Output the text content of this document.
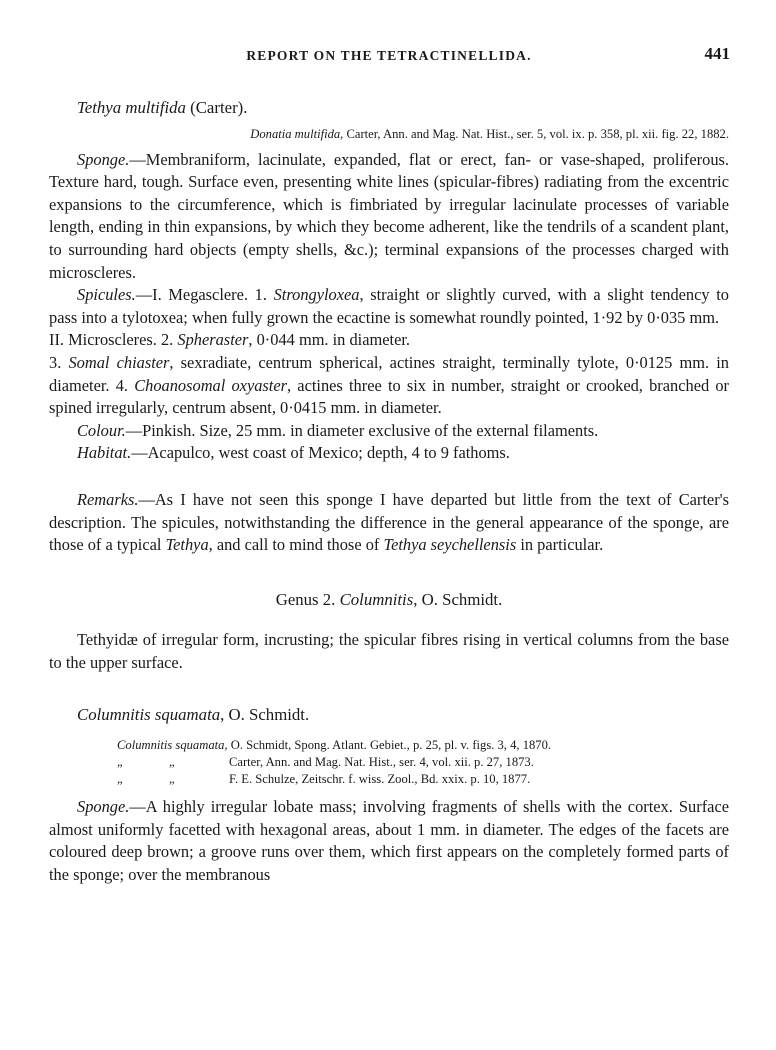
REPORT ON THE TETRACTINELLIDA.	441

Tethya multifida (Carter).

Donatia multifida, Carter, Ann. and Mag. Nat. Hist., ser. 5, vol. ix. p. 358, pl. xii. fig. 22, 1882.

Sponge.—Membraniform, lacinulate, expanded, flat or erect, fan- or vase-shaped, proliferous. Texture hard, tough. Surface even, presenting white lines (spicular-fibres) radiating from the excentric expansions to the circumference, which is fimbriated by irregular lacinulate processes of variable length, ending in thin expansions, by which they become adherent, like the tendrils of a scandent plant, to surrounding hard objects (empty shells, &c.); terminal expansions of the processes charged with microscleres.

Spicules.—I. Megasclere. 1. Strongyloxea, straight or slightly curved, with a slight tendency to pass into a tylotoxea; when fully grown the ecactine is somewhat roundly pointed, 1·92 by 0·035 mm.

II. Microscleres. 2. Spheraster, 0·044 mm. in diameter.

3. Somal chiaster, sexradiate, centrum spherical, actines straight, terminally tylote, 0·0125 mm. in diameter. 4. Choanosomal oxyaster, actines three to six in number, straight or crooked, branched or spined irregularly, centrum absent, 0·0415 mm. in diameter.

Colour.—Pinkish. Size, 25 mm. in diameter exclusive of the external filaments.

Habitat.—Acapulco, west coast of Mexico; depth, 4 to 9 fathoms.

Remarks.—As I have not seen this sponge I have departed but little from the text of Carter's description. The spicules, notwithstanding the difference in the general appearance of the sponge, are those of a typical Tethya, and call to mind those of Tethya seychellensis in particular.

Genus 2. Columnitis, O. Schmidt.

Tethyidæ of irregular form, incrusting; the spicular fibres rising in vertical columns from the base to the upper surface.

Columnitis squamata, O. Schmidt.

Columnitis squamata, O. Schmidt, Spong. Atlant. Gebiet., p. 25, pl. v. figs. 3, 4, 1870.
„	„	Carter, Ann. and Mag. Nat. Hist., ser. 4, vol. xii. p. 27, 1873.
„	„	F. E. Schulze, Zeitschr. f. wiss. Zool., Bd. xxix. p. 10, 1877.

Sponge.—A highly irregular lobate mass; involving fragments of shells with the cortex. Surface almost uniformly facetted with hexagonal areas, about 1 mm. in diameter. The edges of the facets are coloured deep brown; a groove runs over them, which first appears on the completely formed parts of the sponge; over the membranous
